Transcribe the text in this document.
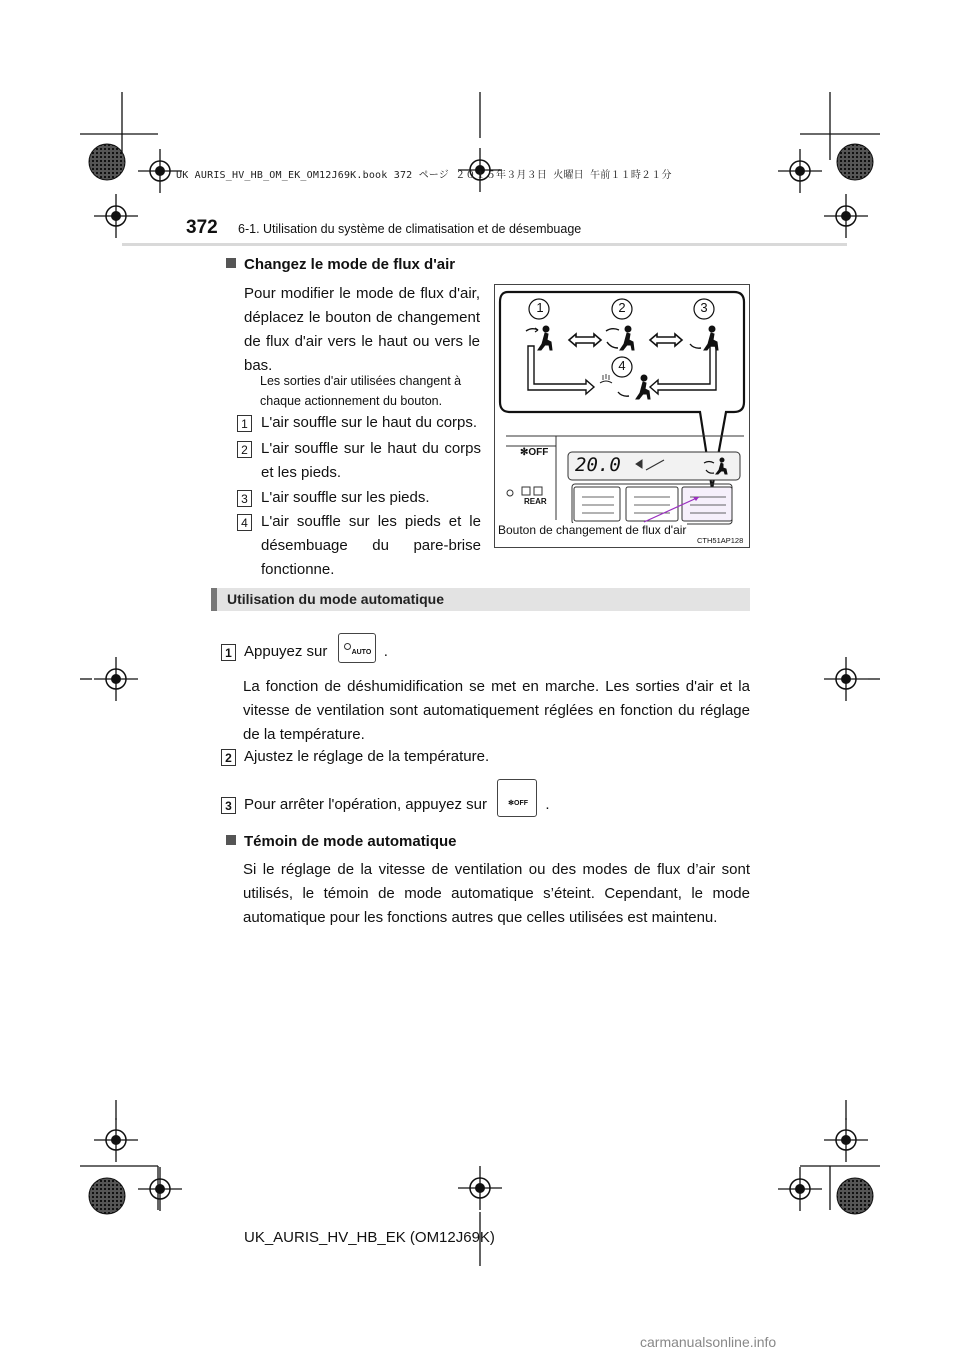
UK AURIS_HV_HB_OM_EK_OM12J69K.book 372 ページ ２０１５年３月３日 火曜日 午前１１時２１分
372 6-1. Utilisation du système de climatisation et de désembuage
Changez le mode de flux d'air
Pour modifier le mode de flux d'air, déplacez le bouton de changement de flux d'air vers le haut ou vers le bas.
Les sorties d'air utilisées changent à chaque actionnement du bouton.
1 L'air souffle sur le haut du corps.
2 L'air souffle sur le haut du corps et les pieds.
3 L'air souffle sur les pieds.
4 L'air souffle sur les pieds et le désembuage du pare-brise fonctionne.
1	2	3
4
✻OFF
20.0
REAR
Bouton de changement de flux d'air
CTH51AP128
Utilisation du mode automatique
1 Appuyez sur	AUTO .
La fonction de déshumidification se met en marche. Les sorties d'air et la vitesse de ventilation sont automatiquement réglées en fonction du réglage de la température.
2 Ajustez le réglage de la température.
3 Pour arrêter l'opération, appuyez sur	✻OFF .
Témoin de mode automatique
Si le réglage de la vitesse de ventilation ou des modes de flux d’air sont utilisés, le témoin de mode automatique s’éteint. Cependant, le mode automatique pour les fonctions autres que celles utilisées est maintenu.
UK_AURIS_HV_HB_EK (OM12J69K)
carmanualsonline.info
